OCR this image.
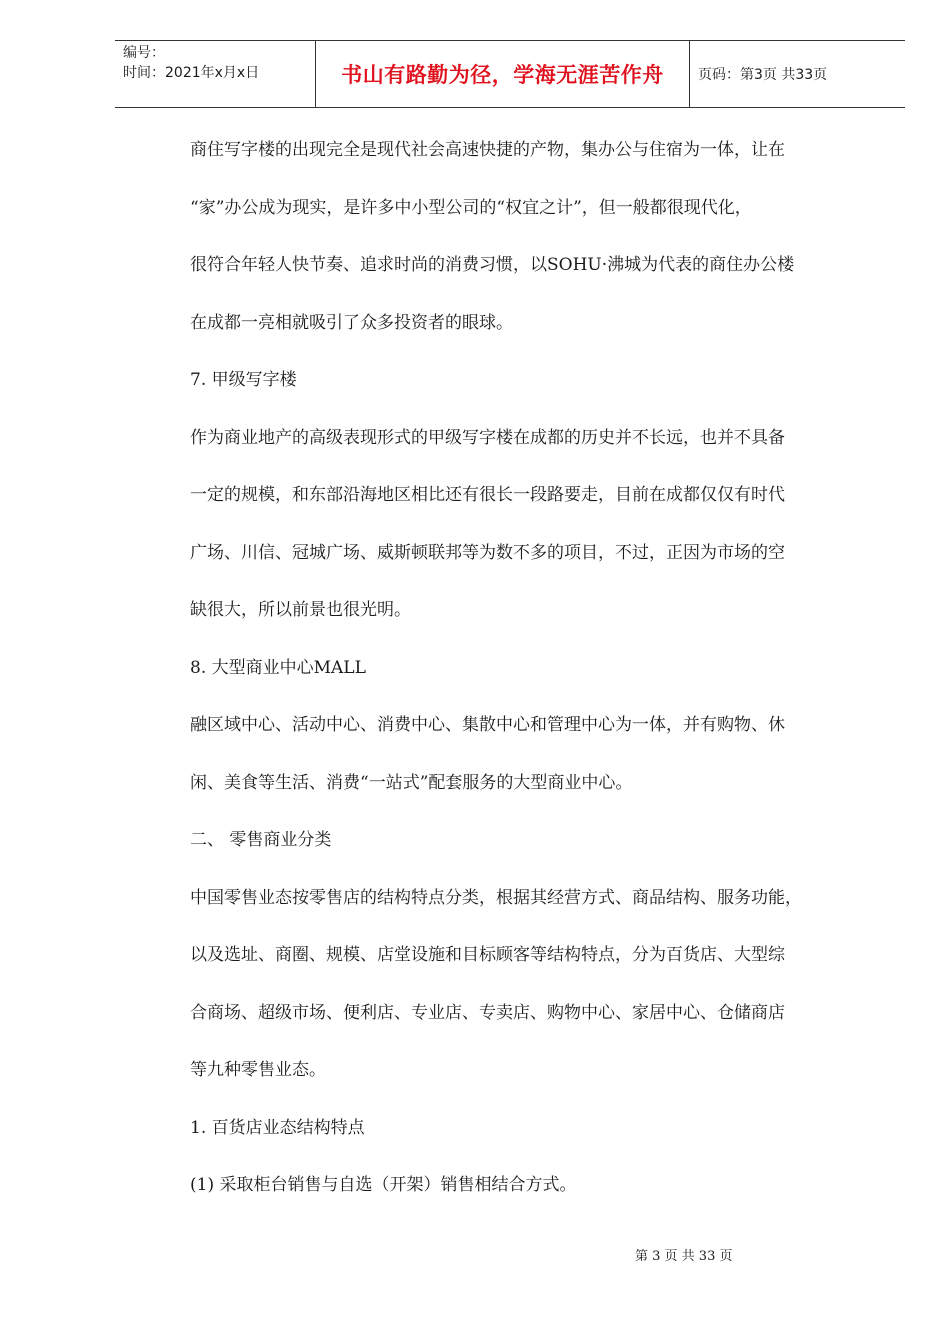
编号：
时间：2021年x月x日	书山有路勤为径，学海无涯苦作舟	页码：第3页 共33页
商住写字楼的出现完全是现代社会高速快捷的产物，集办公与住宿为一体，让在
“家”办公成为现实，是许多中小型公司的“权宜之计”，但一般都很现代化，
很符合年轻人快节奏、追求时尚的消费习惯，以SOHU·沸城为代表的商住办公楼
在成都一亮相就吸引了众多投资者的眼球。
7. 甲级写字楼
作为商业地产的高级表现形式的甲级写字楼在成都的历史并不长远，也并不具备
一定的规模，和东部沿海地区相比还有很长一段路要走，目前在成都仅仅有时代
广场、川信、冠城广场、威斯顿联邦等为数不多的项目，不过，正因为市场的空
缺很大，所以前景也很光明。
8. 大型商业中心MALL
融区域中心、活动中心、消费中心、集散中心和管理中心为一体，并有购物、休
闲、美食等生活、消费“一站式”配套服务的大型商业中心。
二、 零售商业分类
中国零售业态按零售店的结构特点分类，根据其经营方式、商品结构、服务功能，
以及选址、商圈、规模、店堂设施和目标顾客等结构特点，分为百货店、大型综
合商场、超级市场、便利店、专业店、专卖店、购物中心、家居中心、仓储商店
等九种零售业态。
1. 百货店业态结构特点
(1) 采取柜台销售与自选（开架）销售相结合方式。
第 3 页 共 33 页
